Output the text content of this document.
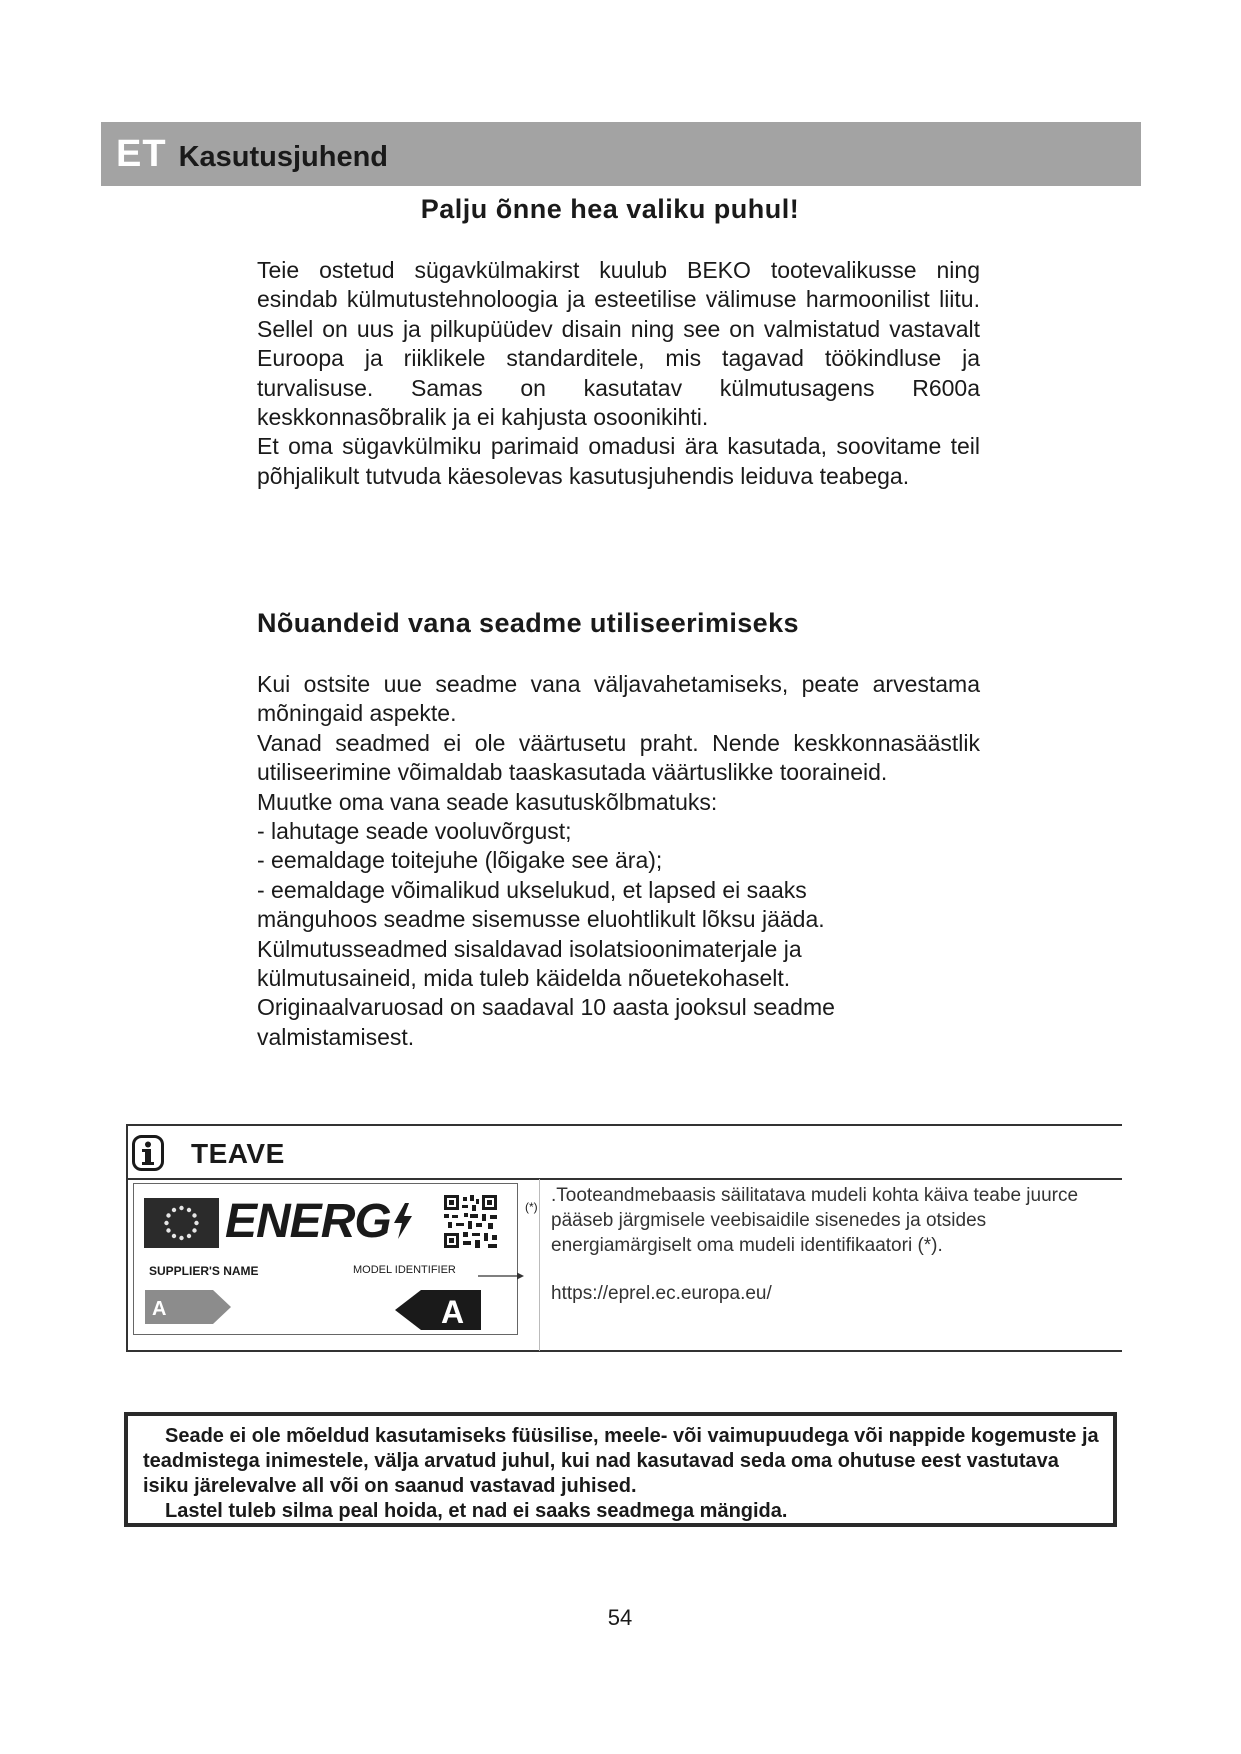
ET Kasutusjuhend
Palju õnne hea valiku puhul!

Teie ostetud sügavkülmakirst kuulub BEKO tootevalikusse ning esindab külmutustehnoloogia ja esteetilise välimuse harmoonilist liitu. Sellel on uus ja pilkupüüdev disain ning see on valmistatud vastavalt Euroopa ja riiklikele standarditele, mis tagavad töökindluse ja turvalisuse. Samas on kasutatav külmutusagens R600a keskkonnasõbralik ja ei kahjusta osoonikihti.

Et oma sügavkülmiku parimaid omadusi ära kasutada, soovitame teil põhjalikult tutvuda käesolevas kasutusjuhendis leiduva teabega.

Nõuandeid vana seadme utiliseerimiseks

Kui ostsite uue seadme vana väljavahetamiseks, peate arvestama mõningaid aspekte.

Vanad seadmed ei ole väärtusetu praht. Nende keskkonnasäästlik utiliseerimine võimaldab taaskasutada väärtuslikke tooraineid.

Muutke oma vana seade kasutuskõlbmatuks:

- lahutage seade vooluvõrgust;

- eemaldage toitejuhe (lõigake see ära);

- eemaldage võimalikud ukselukud, et lapsed ei saaks

mänguhoos seadme sisemusse eluohtlikult lõksu jääda.

Külmutusseadmed sisaldavad isolatsioonimaterjale ja

külmutusaineid, mida tuleb käidelda nõuetekohaselt.

Originaalvaruosad on saadaval 10 aasta jooksul seadme

valmistamisest.

TEAVE
ENERG
SUPPLIER'S NAME	MODEL IDENTIFIER
A	A
(*)

.Tooteandmebaasis säilitatava mudeli kohta käiva teabe juurce pääseb järgmisele veebisaidile sisenedes ja otsides energiamärgiselt oma mudeli identifikaatori (*).

https://eprel.ec.europa.eu/

Seade ei ole mõeldud kasutamiseks füüsilise, meele- või vaimupuudega või nappide kogemuste ja teadmistega inimestele, välja arvatud juhul, kui nad kasutavad seda oma ohutuse eest vastutava isiku järelevalve all või on saanud vastavad juhised.

Lastel tuleb silma peal hoida, et nad ei saaks seadmega mängida.

54
